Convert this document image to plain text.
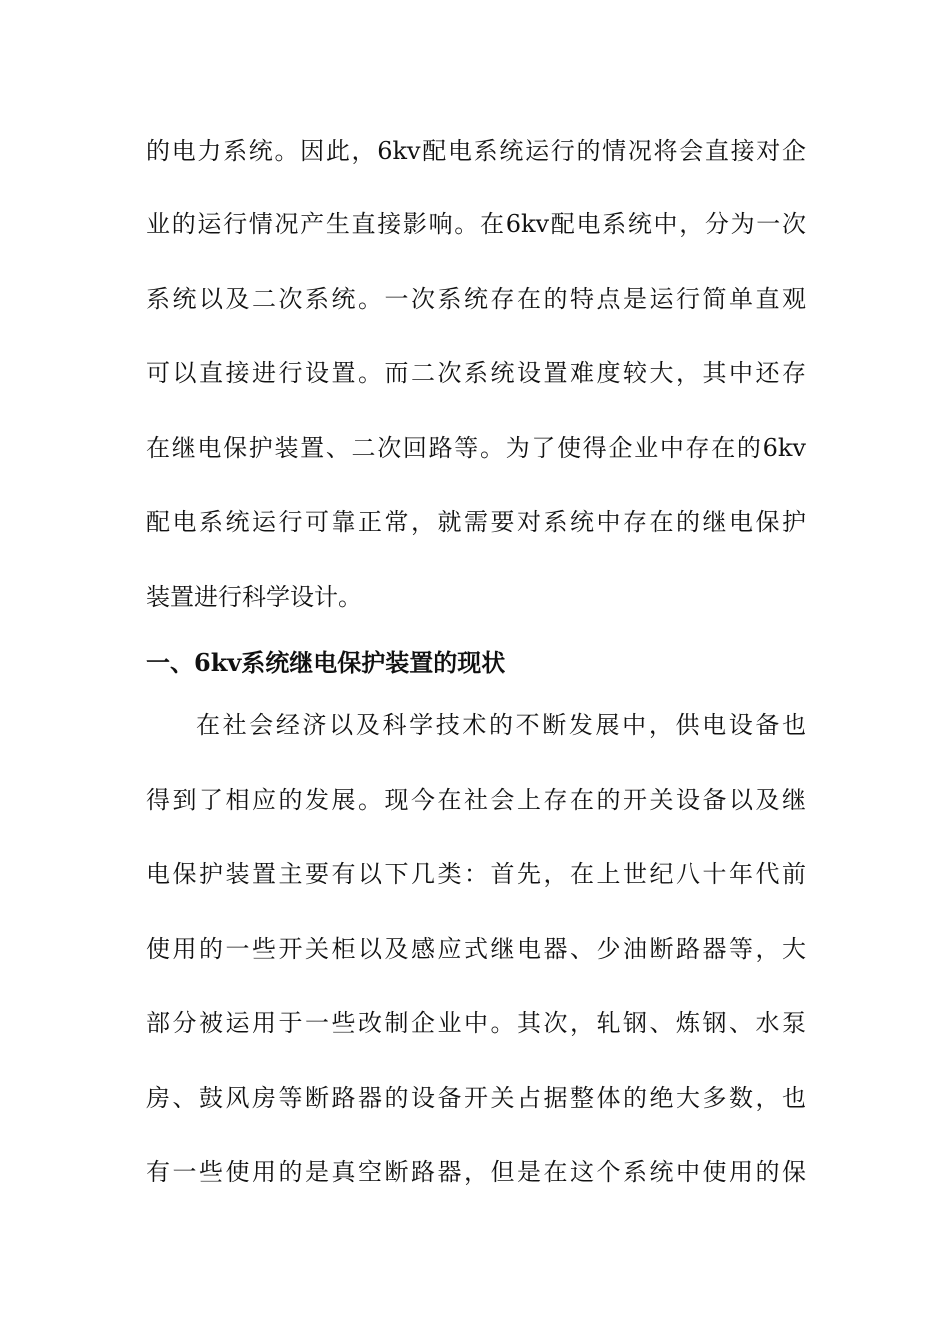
的电力系统。因此，6kv配电系统运行的情况将会直接对企
业的运行情况产生直接影响。在6kv配电系统中，分为一次
系统以及二次系统。一次系统存在的特点是运行简单直观
可以直接进行设置。而二次系统设置难度较大，其中还存
在继电保护装置、二次回路等。为了使得企业中存在的6kv
配电系统运行可靠正常，就需要对系统中存在的继电保护
装置进行科学设计。
一、6kv系统继电保护装置的现状
在社会经济以及科学技术的不断发展中，供电设备也
得到了相应的发展。现今在社会上存在的开关设备以及继
电保护装置主要有以下几类：首先，在上世纪八十年代前
使用的一些开关柜以及感应式继电器、少油断路器等，大
部分被运用于一些改制企业中。其次，轧钢、炼钢、水泵
房、鼓风房等断路器的设备开关占据整体的绝大多数，也
有一些使用的是真空断路器，但是在这个系统中使用的保
